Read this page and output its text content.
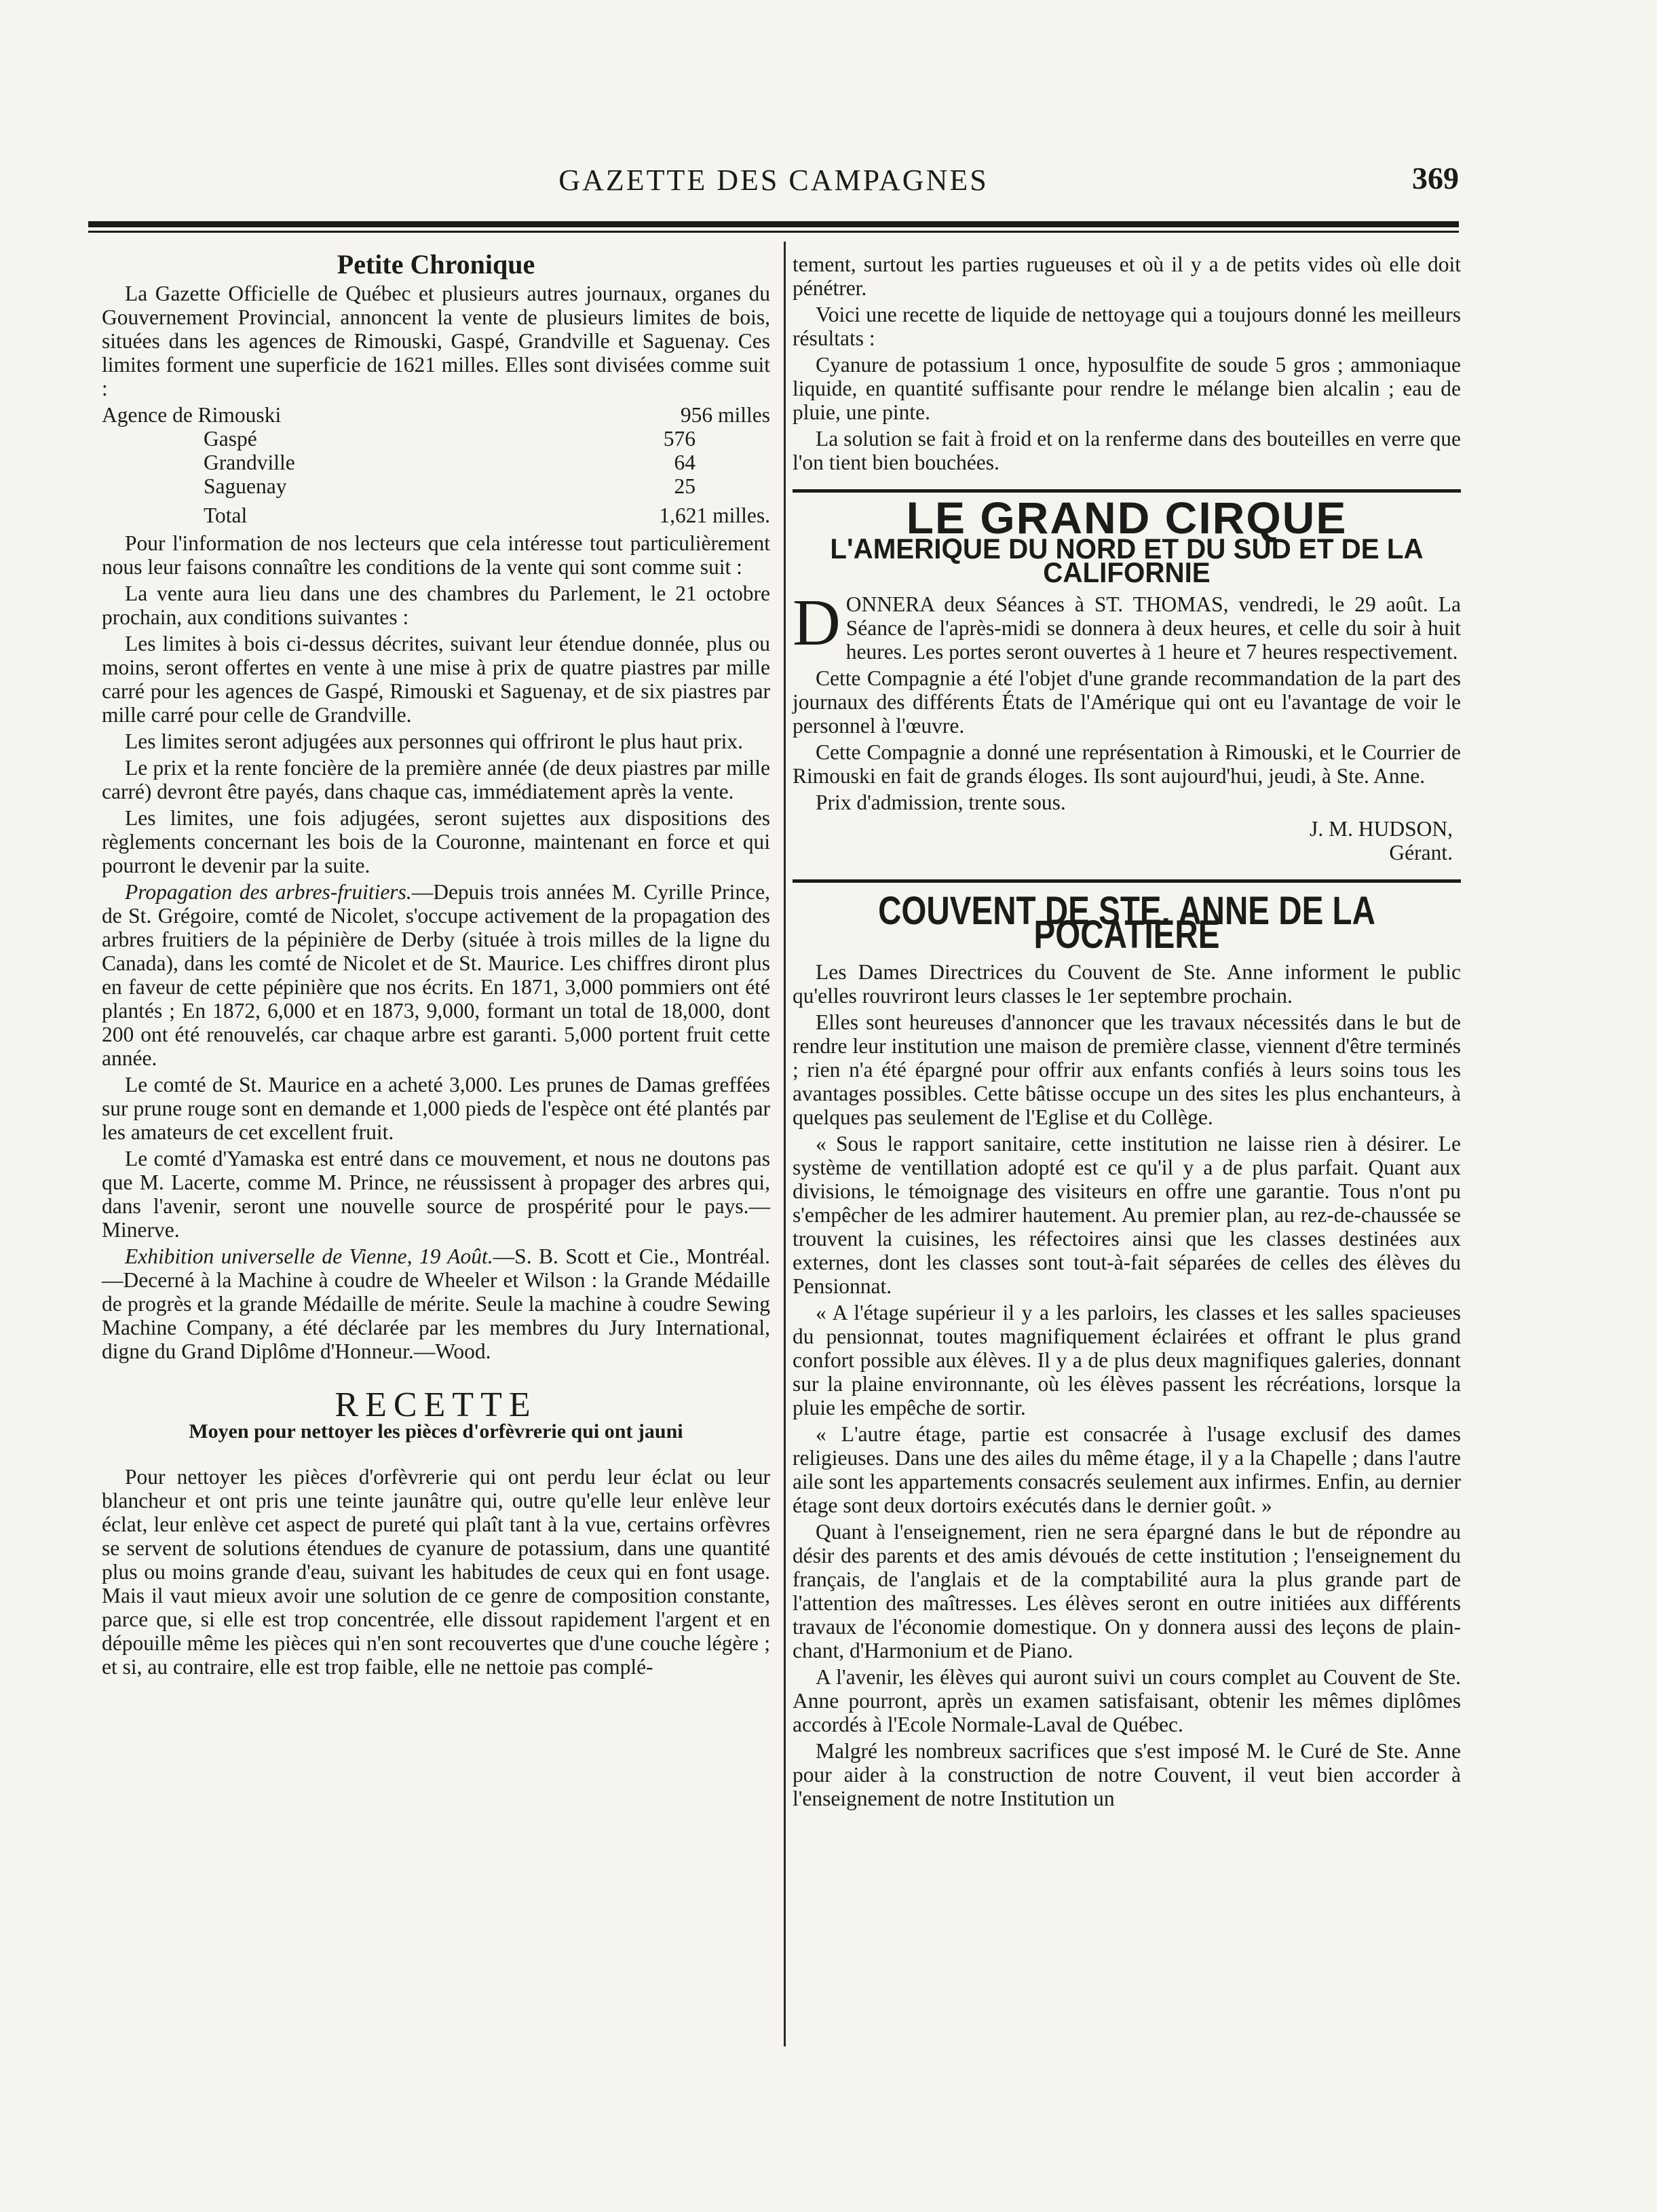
GAZETTE DES CAMPAGNES	369
Petite Chronique

La Gazette Officielle de Québec et plusieurs autres journaux, organes du Gouvernement Provincial, annoncent la vente de plusieurs limites de bois, situées dans les agences de Rimouski, Gaspé, Grandville et Saguenay. Ces limites forment une superficie de 1621 milles. Elles sont divisées comme suit :

Agence de Rimouski	956 milles
Gaspé	576
Grandville	64
Saguenay	25
Total	1,621 milles.

Pour l'information de nos lecteurs que cela intéresse tout particulièrement nous leur faisons connaître les conditions de la vente qui sont comme suit :

La vente aura lieu dans une des chambres du Parlement, le 21 octobre prochain, aux conditions suivantes :

Les limites à bois ci-dessus décrites, suivant leur étendue donnée, plus ou moins, seront offertes en vente à une mise à prix de quatre piastres par mille carré pour les agences de Gaspé, Rimouski et Saguenay, et de six piastres par mille carré pour celle de Grandville.

Les limites seront adjugées aux personnes qui offriront le plus haut prix.

Le prix et la rente foncière de la première année (de deux piastres par mille carré) devront être payés, dans chaque cas, immédiatement après la vente.

Les limites, une fois adjugées, seront sujettes aux dispositions des règlements concernant les bois de la Couronne, maintenant en force et qui pourront le devenir par la suite.

Propagation des arbres-fruitiers.—Depuis trois années M. Cyrille Prince, de St. Grégoire, comté de Nicolet, s'occupe activement de la propagation des arbres fruitiers de la pépinière de Derby (située à trois milles de la ligne du Canada), dans les comté de Nicolet et de St. Maurice. Les chiffres diront plus en faveur de cette pépinière que nos écrits. En 1871, 3,000 pommiers ont été plantés ; En 1872, 6,000 et en 1873, 9,000, formant un total de 18,000, dont 200 ont été renouvelés, car chaque arbre est garanti. 5,000 portent fruit cette année.

Le comté de St. Maurice en a acheté 3,000. Les prunes de Damas greffées sur prune rouge sont en demande et 1,000 pieds de l'espèce ont été plantés par les amateurs de cet excellent fruit.

Le comté d'Yamaska est entré dans ce mouvement, et nous ne doutons pas que M. Lacerte, comme M. Prince, ne réussissent à propager des arbres qui, dans l'avenir, seront une nouvelle source de prospérité pour le pays.—Minerve.

Exhibition universelle de Vienne, 19 Août.—S. B. Scott et Cie., Montréal.—Decerné à la Machine à coudre de Wheeler et Wilson : la Grande Médaille de progrès et la grande Médaille de mérite. Seule la machine à coudre Sewing Machine Company, a été déclarée par les membres du Jury International, digne du Grand Diplôme d'Honneur.—Wood.

RECETTE
Moyen pour nettoyer les pièces d'orfèvrerie qui ont jauni

Pour nettoyer les pièces d'orfèvrerie qui ont perdu leur éclat ou leur blancheur et ont pris une teinte jaunâtre qui, outre qu'elle leur enlève leur éclat, leur enlève cet aspect de pureté qui plaît tant à la vue, certains orfèvres se servent de solutions étendues de cyanure de potassium, dans une quantité plus ou moins grande d'eau, suivant les habitudes de ceux qui en font usage. Mais il vaut mieux avoir une solution de ce genre de composition constante, parce que, si elle est trop concentrée, elle dissout rapidement l'argent et en dépouille même les pièces qui n'en sont recouvertes que d'une couche légère ; et si, au contraire, elle est trop faible, elle ne nettoie pas complé-

tement, surtout les parties rugueuses et où il y a de petits vides où elle doit pénétrer.

Voici une recette de liquide de nettoyage qui a toujours donné les meilleurs résultats :

Cyanure de potassium 1 once, hyposulfite de soude 5 gros ; ammoniaque liquide, en quantité suffisante pour rendre le mélange bien alcalin ; eau de pluie, une pinte.

La solution se fait à froid et on la renferme dans des bouteilles en verre que l'on tient bien bouchées.

LE GRAND CIRQUE
L'AMERIQUE DU NORD ET DU SUD ET DE LA CALIFORNIE

DONNERA deux Séances à ST. THOMAS, vendredi, le 29 août. La Séance de l'après-midi se donnera à deux heures, et celle du soir à huit heures. Les portes seront ouvertes à 1 heure et 7 heures respectivement.

Cette Compagnie a été l'objet d'une grande recommandation de la part des journaux des différents États de l'Amérique qui ont eu l'avantage de voir le personnel à l'œuvre.

Cette Compagnie a donné une représentation à Rimouski, et le Courrier de Rimouski en fait de grands éloges. Ils sont aujourd'hui, jeudi, à Ste. Anne.

Prix d'admission, trente sous.

J. M. HUDSON,
Gérant.
COUVENT DE STE. ANNE DE LA POCATIERE

Les Dames Directrices du Couvent de Ste. Anne informent le public qu'elles rouvriront leurs classes le 1er septembre prochain.

Elles sont heureuses d'annoncer que les travaux nécessités dans le but de rendre leur institution une maison de première classe, viennent d'être terminés ; rien n'a été épargné pour offrir aux enfants confiés à leurs soins tous les avantages possibles. Cette bâtisse occupe un des sites les plus enchanteurs, à quelques pas seulement de l'Eglise et du Collège.

« Sous le rapport sanitaire, cette institution ne laisse rien à désirer. Le système de ventillation adopté est ce qu'il y a de plus parfait. Quant aux divisions, le témoignage des visiteurs en offre une garantie. Tous n'ont pu s'empêcher de les admirer hautement. Au premier plan, au rez-de-chaussée se trouvent la cuisines, les réfectoires ainsi que les classes destinées aux externes, dont les classes sont tout-à-fait séparées de celles des élèves du Pensionnat.

« A l'étage supérieur il y a les parloirs, les classes et les salles spacieuses du pensionnat, toutes magnifiquement éclairées et offrant le plus grand confort possible aux élèves. Il y a de plus deux magnifiques galeries, donnant sur la plaine environnante, où les élèves passent les récréations, lorsque la pluie les empêche de sortir.

« L'autre étage, partie est consacrée à l'usage exclusif des dames religieuses. Dans une des ailes du même étage, il y a la Chapelle ; dans l'autre aile sont les appartements consacrés seulement aux infirmes. Enfin, au dernier étage sont deux dortoirs exécutés dans le dernier goût. »

Quant à l'enseignement, rien ne sera épargné dans le but de répondre au désir des parents et des amis dévoués de cette institution ; l'enseignement du français, de l'anglais et de la comptabilité aura la plus grande part de l'attention des maîtresses. Les élèves seront en outre initiées aux différents travaux de l'économie domestique. On y donnera aussi des leçons de plain-chant, d'Harmonium et de Piano.

A l'avenir, les élèves qui auront suivi un cours complet au Couvent de Ste. Anne pourront, après un examen satisfaisant, obtenir les mêmes diplômes accordés à l'Ecole Normale-Laval de Québec.

Malgré les nombreux sacrifices que s'est imposé M. le Curé de Ste. Anne pour aider à la construction de notre Couvent, il veut bien accorder à l'enseignement de notre Institution un
